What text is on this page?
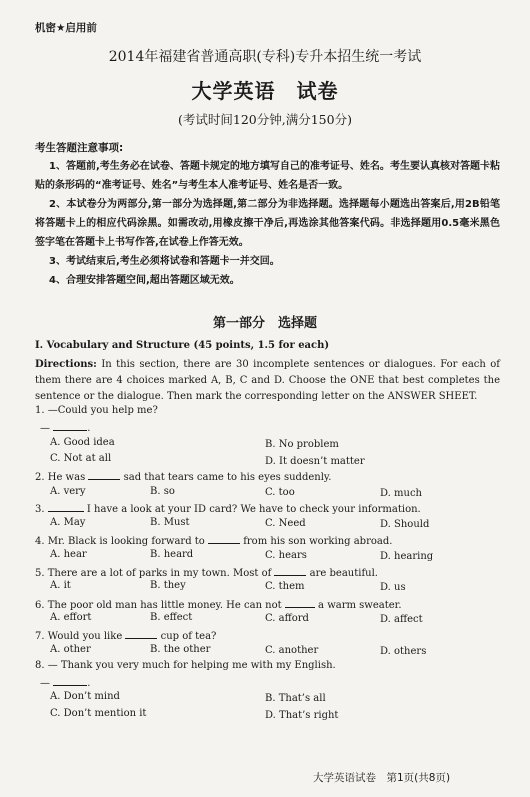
机密★启用前
2014年福建省普通高职(专科)专升本招生统一考试
大学英语　试卷
(考试时间120分钟,满分150分)
考生答题注意事项:
1、答题前,考生务必在试卷、答题卡规定的地方填写自己的准考证号、姓名。考生要认真核对答题卡粘贴的条形码的“准考证号、姓名”与考生本人准考证号、姓名是否一致。
2、本试卷分为两部分,第一部分为选择题,第二部分为非选择题。选择题每小题选出答案后,用2B铅笔将答题卡上的相应代码涂黑。如需改动,用橡皮擦干净后,再选涂其他答案代码。非选择题用0.5毫米黑色签字笔在答题卡上书写作答,在试卷上作答无效。
3、考试结束后,考生必须将试卷和答题卡一并交回。
4、合理安排答题空间,超出答题区域无效。
第一部分　选择题
Ⅰ. Vocabulary and Structure (45 points, 1.5 for each)
Directions: In this section, there are 30 incomplete sentences or dialogues. For each of them there are 4 choices marked A, B, C and D. Choose the ONE that best completes the sentence or the dialogue. Then mark the corresponding letter on the ANSWER SHEET.
1. —Could you help me?
—	.
A. Good idea	B. No problem
C. Not at all	D. It doesn’t matter
2. He was	sad that tears came to his eyes suddenly.
A. very	B. so	C. too	D. much
3.	I have a look at your ID card? We have to check your information.
A. May	B. Must	C. Need	D. Should
4. Mr. Black is looking forward to	from his son working abroad.
A. hear	B. heard	C. hears	D. hearing
5. There are a lot of parks in my town. Most of	are beautiful.
A. it	B. they	C. them	D. us
6. The poor old man has little money. He can not	a warm sweater.
A. effort	B. effect	C. afford	D. affect
7. Would you like	cup of tea?
A. other	B. the other	C. another	D. others
8. — Thank you very much for helping me with my English.
—	.
A. Don’t mind	B. That’s all
C. Don’t mention it	D. That’s right
大学英语试卷　第1页(共8页)
